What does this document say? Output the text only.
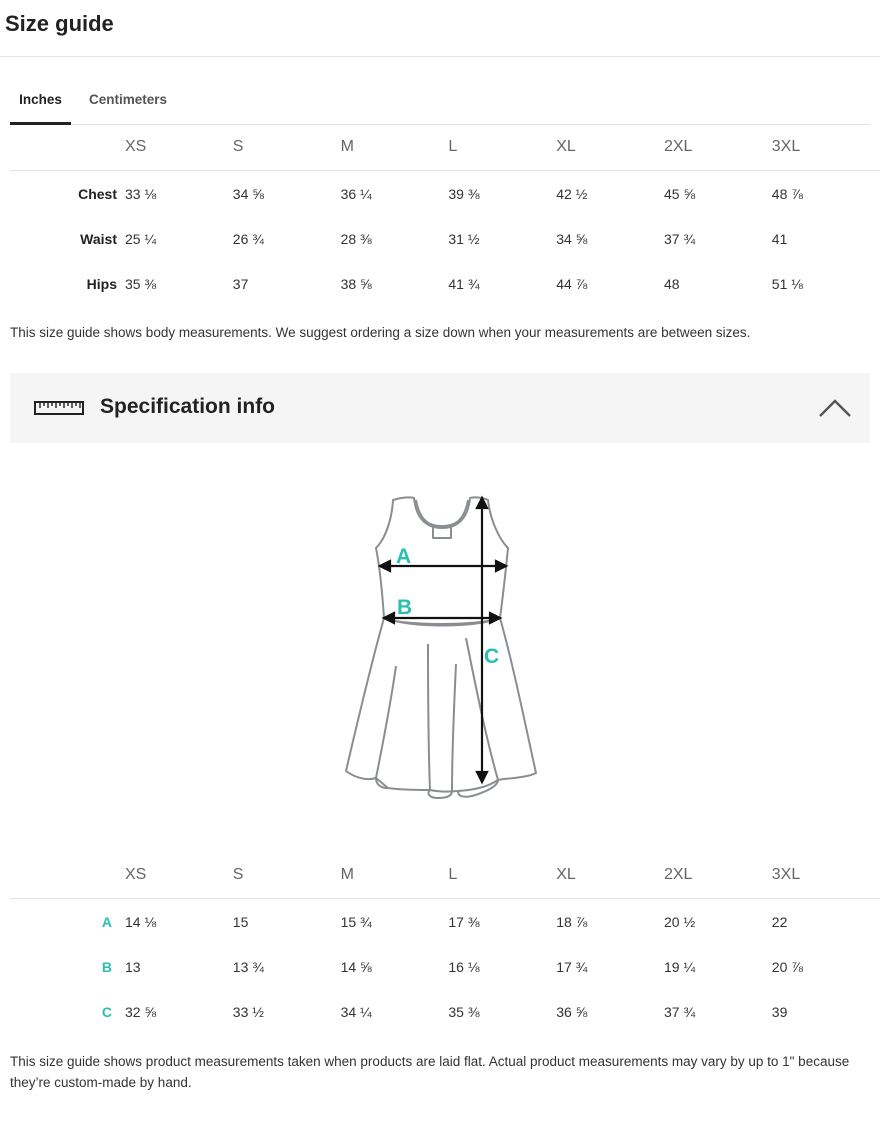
Size guide
Inches	Centimeters
	XS	S	M	L	XL	2XL	3XL
Chest	33 ⅛	34 ⅝	36 ¼	39 ⅜	42 ½	45 ⅝	48 ⅞
Waist	25 ¼	26 ¾	28 ⅜	31 ½	34 ⅝	37 ¾	41
Hips	35 ⅜	37	38 ⅝	41 ¾	44 ⅞	48	51 ⅛
This size guide shows body measurements. We suggest ordering a size down when your measurements are between sizes.
Specification info
A
B
C
	XS	S	M	L	XL	2XL	3XL
A	14 ⅛	15	15 ¾	17 ⅜	18 ⅞	20 ½	22
B	13	13 ¾	14 ⅝	16 ⅛	17 ¾	19 ¼	20 ⅞
C	32 ⅝	33 ½	34 ¼	35 ⅜	36 ⅝	37 ¾	39
This size guide shows product measurements taken when products are laid flat. Actual product measurements may vary by up to 1" because they’re custom-made by hand.
